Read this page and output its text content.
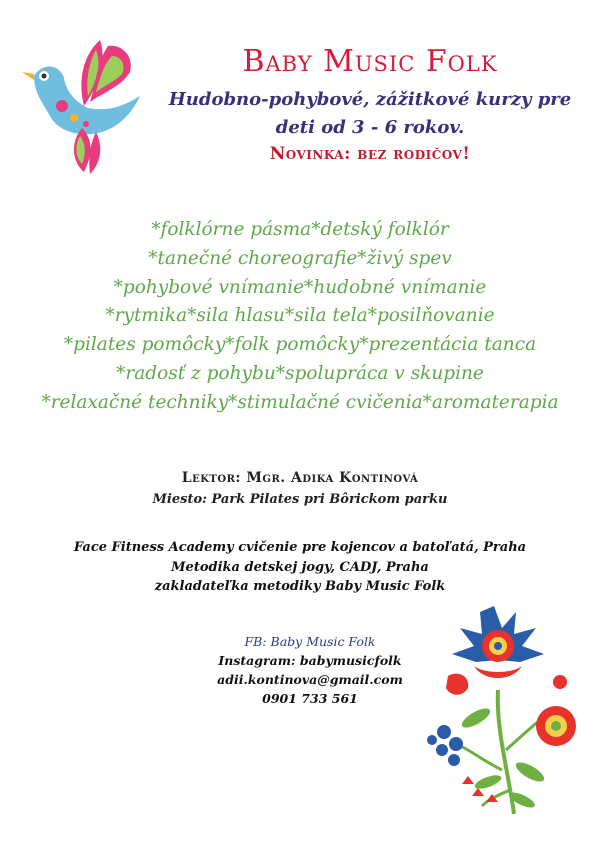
Baby Music Folk
Hudobno-pohybové, zážitkové kurzy pre
deti od 3 - 6 rokov.
Novinka: bez rodičov!
*folklórne pásma*detský folklór
*tanečné choreografie*živý spev
*pohybové vnímanie*hudobné vnímanie
*rytmika*sila hlasu*sila tela*posilňovanie
*pilates pomôcky*folk pomôcky*prezentácia tanca
*radosť z pohybu*spolupráca v skupine
*relaxačné techniky*stimulačné cvičenia*aromaterapia
Lektor: Mgr. Adika Kontinová
Miesto: Park Pilates pri Bôrickom parku
Face Fitness Academy cvičenie pre kojencov a batoľatá, Praha
Metodika detskej jogy, CADJ, Praha
zakladateľka metodiky Baby Music Folk
FB: Baby Music Folk
Instagram: babymusicfolk
adii.kontinova@gmail.com
0901 733 561
